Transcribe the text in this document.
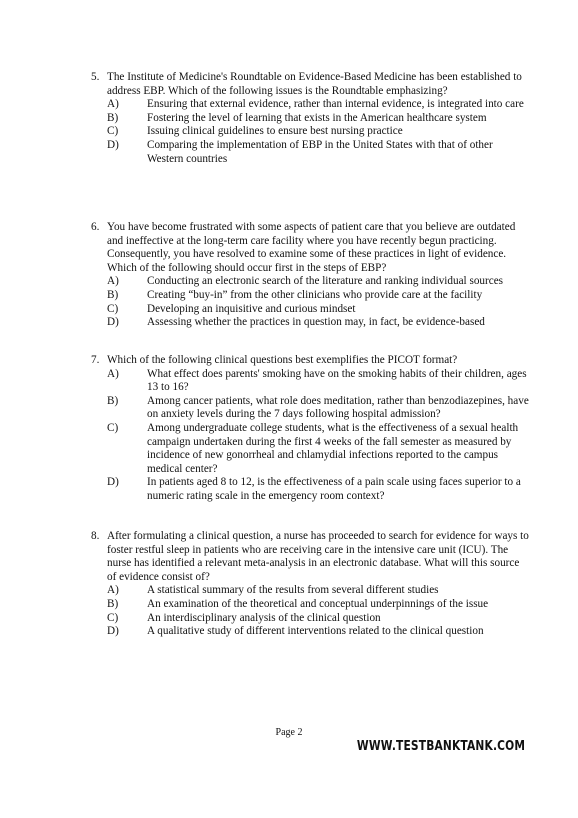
5. The Institute of Medicine's Roundtable on Evidence-Based Medicine has been established to address EBP. Which of the following issues is the Roundtable emphasizing?
A)	Ensuring that external evidence, rather than internal evidence, is integrated into care
B)	Fostering the level of learning that exists in the American healthcare system
C)	Issuing clinical guidelines to ensure best nursing practice
D)	Comparing the implementation of EBP in the United States with that of other Western countries
6. You have become frustrated with some aspects of patient care that you believe are outdated and ineffective at the long-term care facility where you have recently begun practicing. Consequently, you have resolved to examine some of these practices in light of evidence. Which of the following should occur first in the steps of EBP?
A)	Conducting an electronic search of the literature and ranking individual sources
B)	Creating “buy-in” from the other clinicians who provide care at the facility
C)	Developing an inquisitive and curious mindset
D)	Assessing whether the practices in question may, in fact, be evidence-based
7. Which of the following clinical questions best exemplifies the PICOT format?
A)	What effect does parents' smoking have on the smoking habits of their children, ages 13 to 16?
B)	Among cancer patients, what role does meditation, rather than benzodiazepines, have on anxiety levels during the 7 days following hospital admission?
C)	Among undergraduate college students, what is the effectiveness of a sexual health campaign undertaken during the first 4 weeks of the fall semester as measured by incidence of new gonorrheal and chlamydial infections reported to the campus medical center?
D)	In patients aged 8 to 12, is the effectiveness of a pain scale using faces superior to a numeric rating scale in the emergency room context?
8. After formulating a clinical question, a nurse has proceeded to search for evidence for ways to foster restful sleep in patients who are receiving care in the intensive care unit (ICU). The nurse has identified a relevant meta-analysis in an electronic database. What will this source of evidence consist of?
A)	A statistical summary of the results from several different studies
B)	An examination of the theoretical and conceptual underpinnings of the issue
C)	An interdisciplinary analysis of the clinical question
D)	A qualitative study of different interventions related to the clinical question
Page 2
WWW.TESTBANKTANK.COM
